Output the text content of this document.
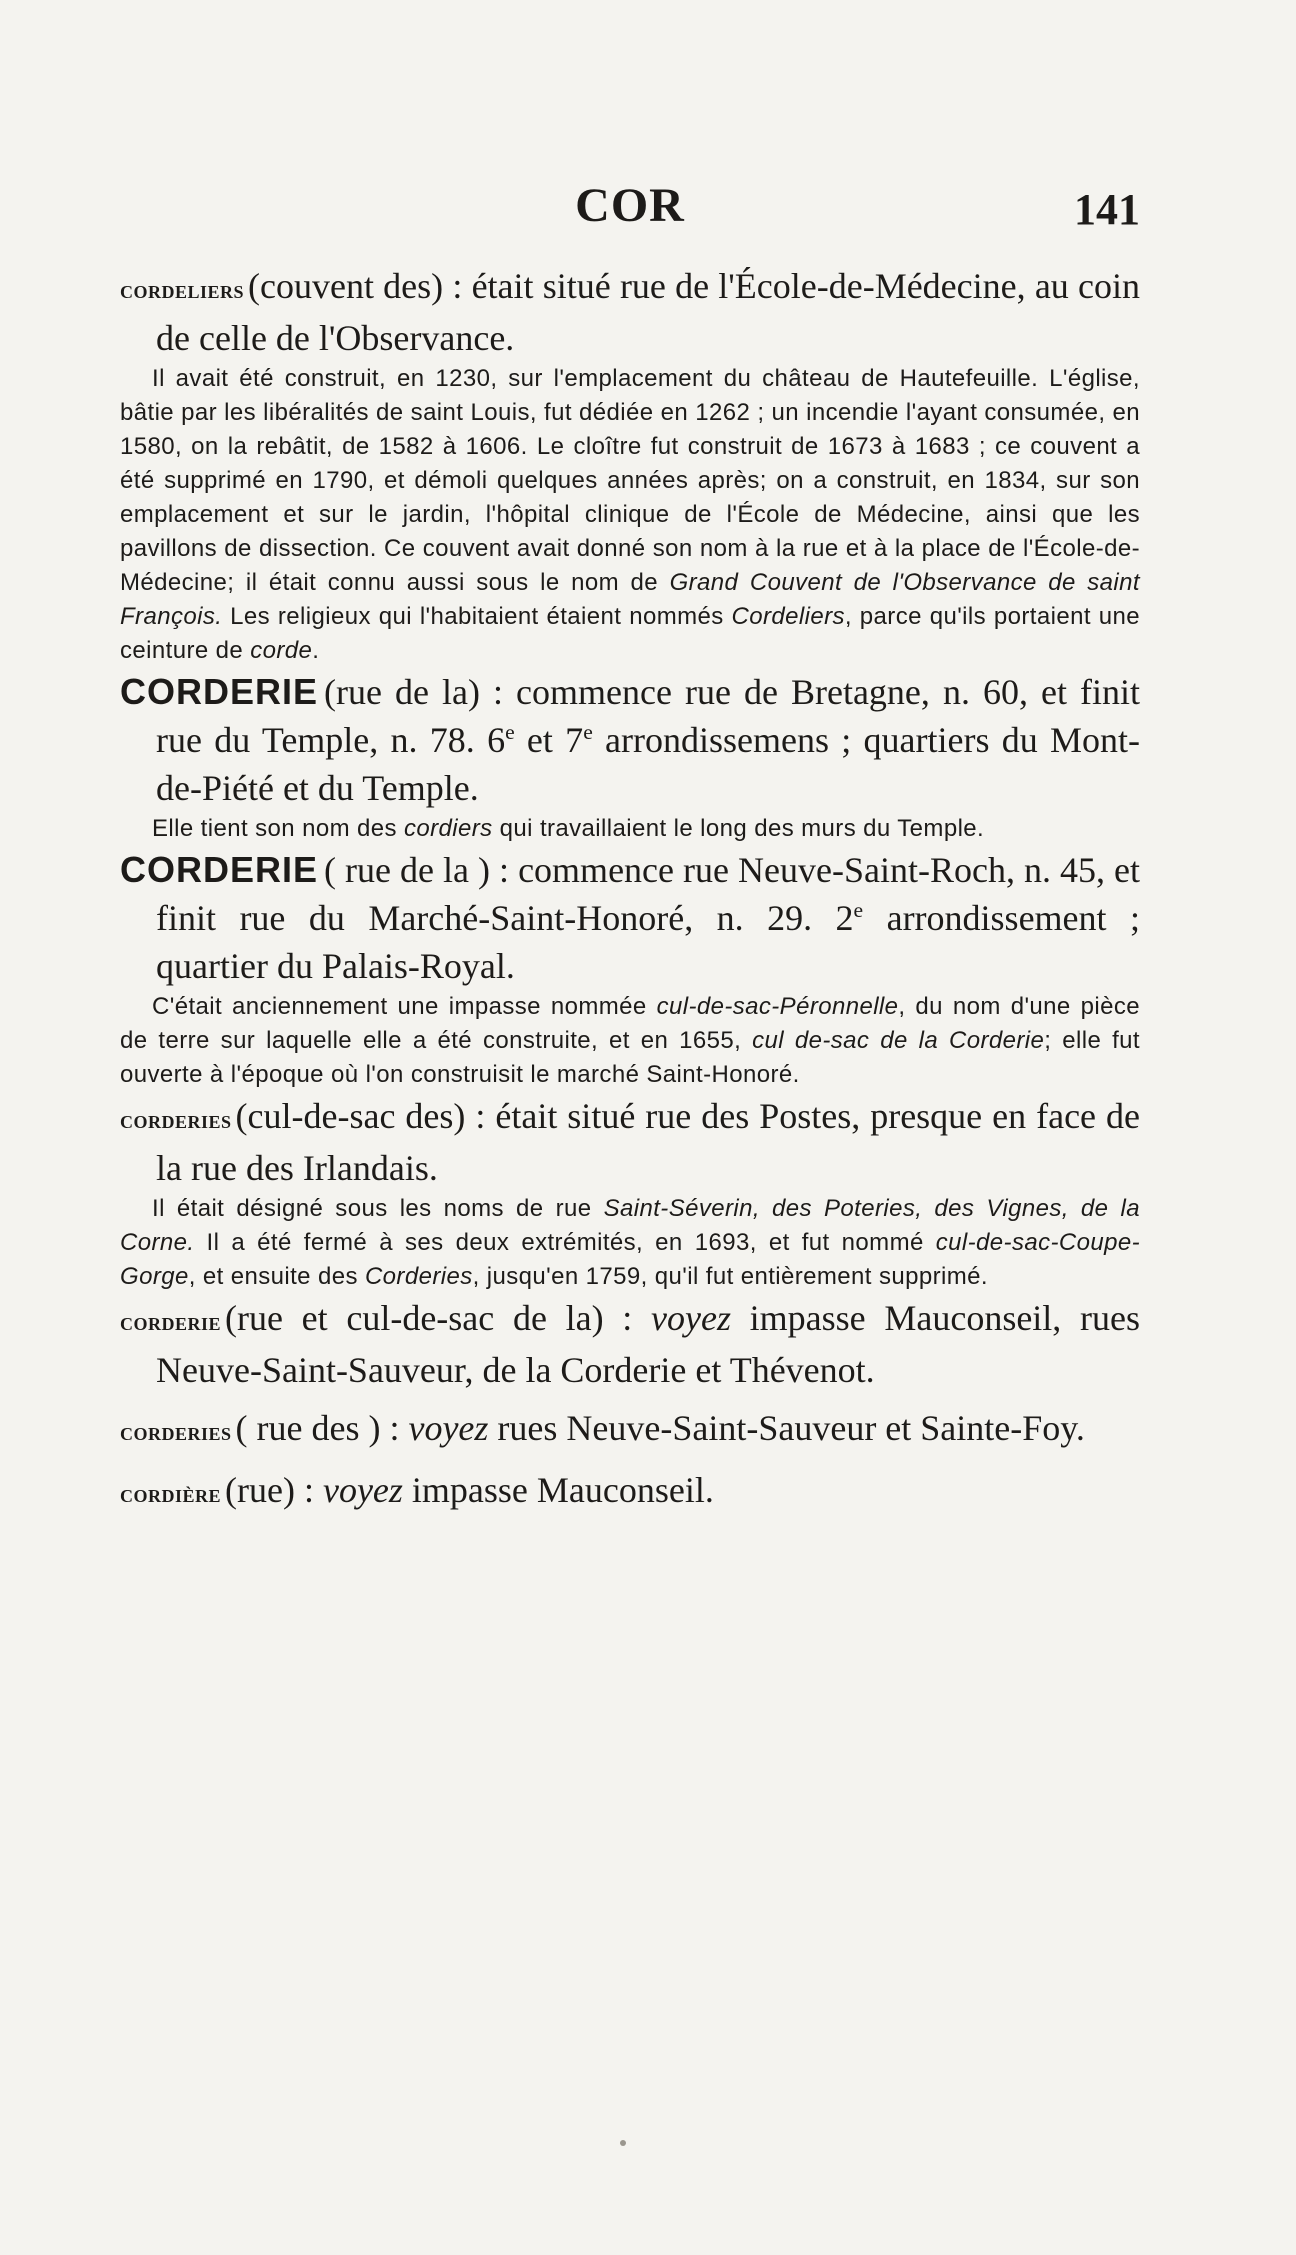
COR	141

cordeliers (couvent des) : était situé rue de l'École-de-Médecine, au coin de celle de l'Observance.

Il avait été construit, en 1230, sur l'emplacement du château de Hautefeuille. L'église, bâtie par les libéralités de saint Louis, fut dédiée en 1262 ; un incendie l'ayant consumée, en 1580, on la rebâtit, de 1582 à 1606. Le cloître fut construit de 1673 à 1683 ; ce couvent a été supprimé en 1790, et démoli quelques années après; on a construit, en 1834, sur son emplacement et sur le jardin, l'hôpital clinique de l'École de Médecine, ainsi que les pavillons de dissection. Ce couvent avait donné son nom à la rue et à la place de l'École-de-Médecine; il était connu aussi sous le nom de Grand Couvent de l'Observance de saint François. Les religieux qui l'habitaient étaient nommés Cordeliers, parce qu'ils portaient une ceinture de corde.

CORDERIE (rue de la) : commence rue de Bretagne, n. 60, et finit rue du Temple, n. 78. 6e et 7e arrondissemens ; quartiers du Mont-de-Piété et du Temple.

Elle tient son nom des cordiers qui travaillaient le long des murs du Temple.

CORDERIE ( rue de la ) : commence rue Neuve-Saint-Roch, n. 45, et finit rue du Marché-Saint-Honoré, n. 29. 2e arrondissement ; quartier du Palais-Royal.

C'était anciennement une impasse nommée cul-de-sac-Péronnelle, du nom d'une pièce de terre sur laquelle elle a été construite, et en 1655, cul de-sac de la Corderie; elle fut ouverte à l'époque où l'on construisit le marché Saint-Honoré.

corderies (cul-de-sac des) : était situé rue des Postes, presque en face de la rue des Irlandais.

Il était désigné sous les noms de rue Saint-Séverin, des Poteries, des Vignes, de la Corne. Il a été fermé à ses deux extrémités, en 1693, et fut nommé cul-de-sac-Coupe-Gorge, et ensuite des Corderies, jusqu'en 1759, qu'il fut entièrement supprimé.

corderie (rue et cul-de-sac de la) : voyez impasse Mauconseil, rues Neuve-Saint-Sauveur, de la Corderie et Thévenot.

corderies ( rue des ) : voyez rues Neuve-Saint-Sauveur et Sainte-Foy.

cordière (rue) : voyez impasse Mauconseil.
